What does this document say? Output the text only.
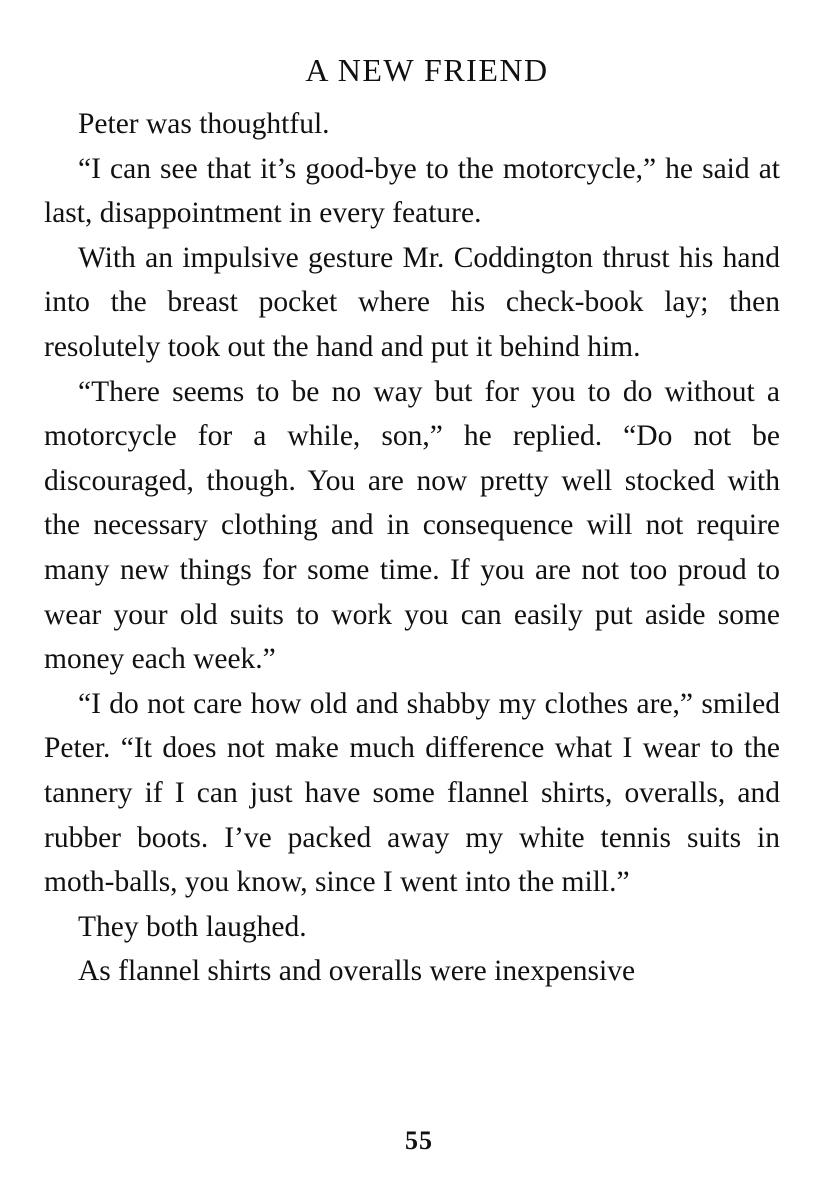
A NEW FRIEND

Peter was thoughtful.

“I can see that it’s good-bye to the motorcycle,” he said at last, disappointment in every feature.

With an impulsive gesture Mr. Coddington thrust his hand into the breast pocket where his check-book lay; then resolutely took out the hand and put it behind him.

“There seems to be no way but for you to do without a motorcycle for a while, son,” he replied. “Do not be discouraged, though. You are now pretty well stocked with the necessary clothing and in consequence will not require many new things for some time. If you are not too proud to wear your old suits to work you can easily put aside some money each week.”

“I do not care how old and shabby my clothes are,” smiled Peter. “It does not make much difference what I wear to the tannery if I can just have some flannel shirts, overalls, and rubber boots. I’ve packed away my white tennis suits in moth-balls, you know, since I went into the mill.”

They both laughed.

As flannel shirts and overalls were inexpensive

55
